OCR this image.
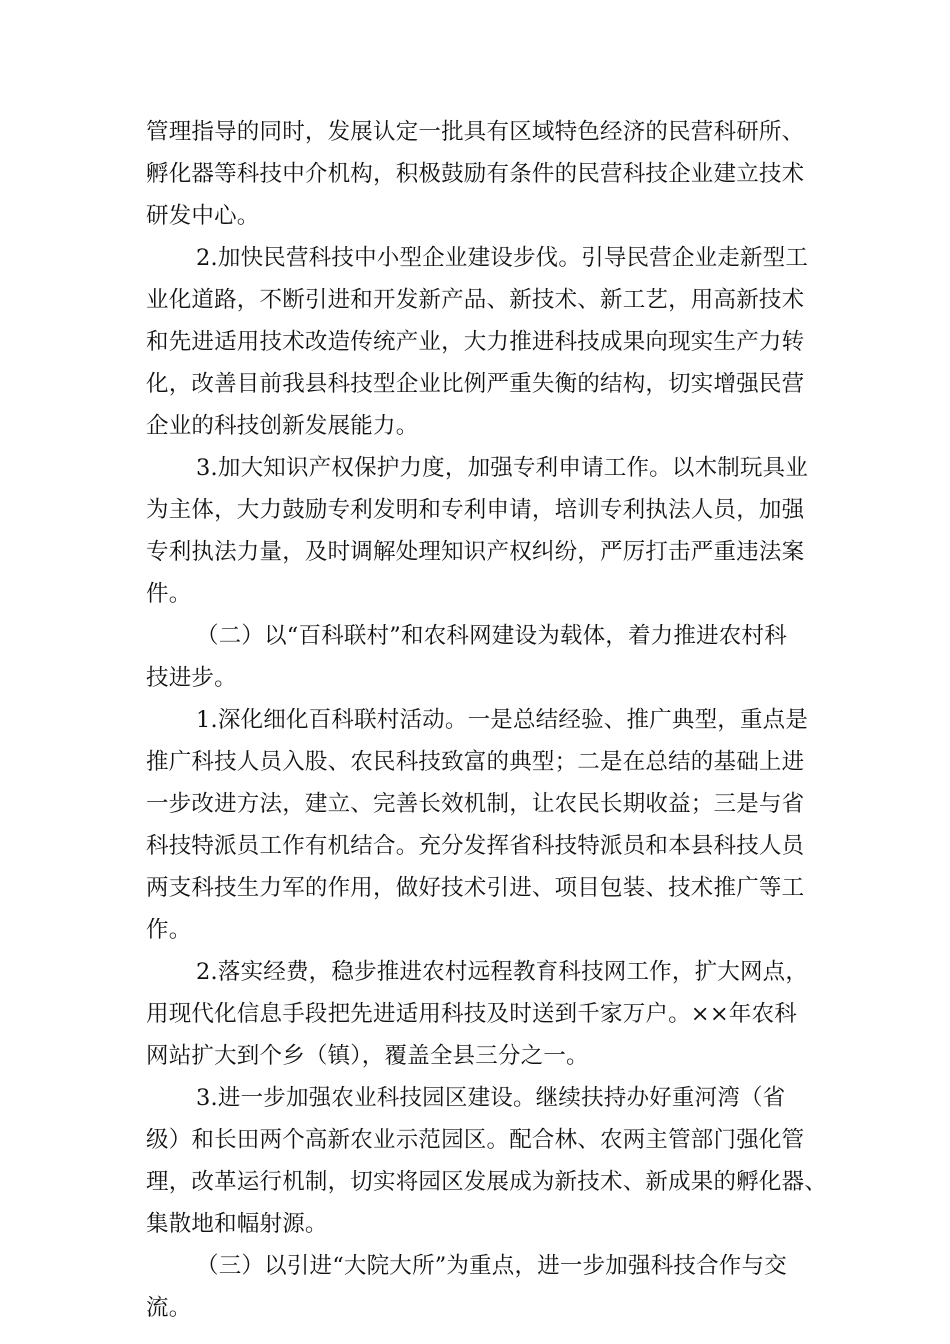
管理指导的同时，发展认定一批具有区域特色经济的民营科研所、
孵化器等科技中介机构，积极鼓励有条件的民营科技企业建立技术
研发中心。
2.加快民营科技中小型企业建设步伐。引导民营企业走新型工
业化道路，不断引进和开发新产品、新技术、新工艺，用高新技术
和先进适用技术改造传统产业，大力推进科技成果向现实生产力转
化，改善目前我县科技型企业比例严重失衡的结构，切实增强民营
企业的科技创新发展能力。
3.加大知识产权保护力度，加强专利申请工作。以木制玩具业
为主体，大力鼓励专利发明和专利申请，培训专利执法人员，加强
专利执法力量，及时调解处理知识产权纠纷，严厉打击严重违法案
件。
（二）以“百科联村”和农科网建设为载体，着力推进农村科
技进步。
1.深化细化百科联村活动。一是总结经验、推广典型，重点是
推广科技人员入股、农民科技致富的典型；二是在总结的基础上进
一步改进方法，建立、完善长效机制，让农民长期收益；三是与省
科技特派员工作有机结合。充分发挥省科技特派员和本县科技人员
两支科技生力军的作用，做好技术引进、项目包装、技术推广等工
作。
2.落实经费，稳步推进农村远程教育科技网工作，扩大网点，
用现代化信息手段把先进适用科技及时送到千家万户。××年农科
网站扩大到个乡（镇），覆盖全县三分之一。
3.进一步加强农业科技园区建设。继续扶持办好重河湾（省
级）和长田两个高新农业示范园区。配合林、农两主管部门强化管
理，改革运行机制，切实将园区发展成为新技术、新成果的孵化器、
集散地和幅射源。
（三）以引进“大院大所”为重点，进一步加强科技合作与交
流。
